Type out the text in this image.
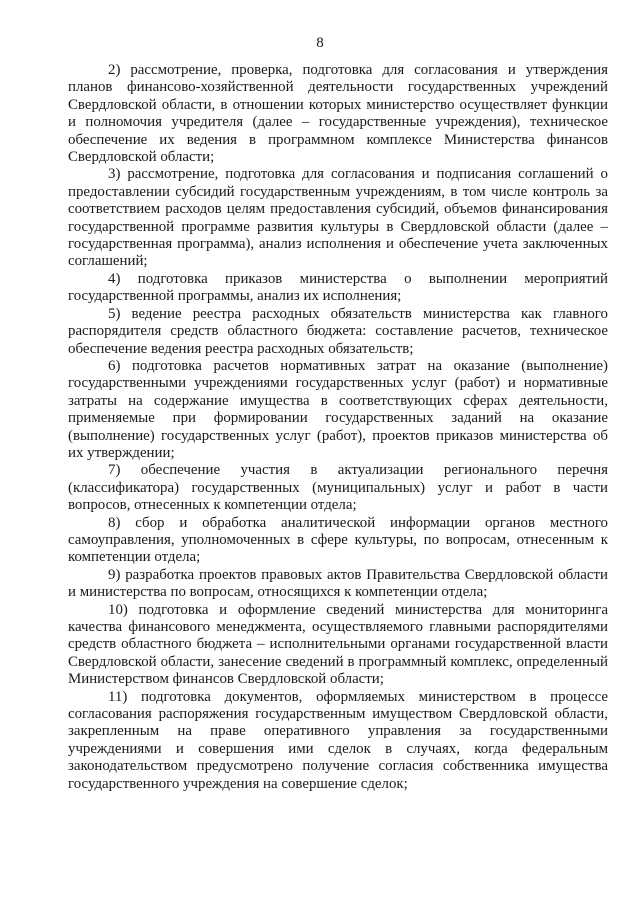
8

2) рассмотрение, проверка, подготовка для согласования и утверждения планов финансово-хозяйственной деятельности государственных учреждений Свердловской области, в отношении которых министерство осуществляет функции и полномочия учредителя (далее – государственные учреждения), техническое обеспечение их ведения в программном комплексе Министерства финансов Свердловской области;

3) рассмотрение, подготовка для согласования и подписания соглашений о предоставлении субсидий государственным учреждениям, в том числе контроль за соответствием расходов целям предоставления субсидий, объемов финансирования государственной программе развития культуры в Свердловской области (далее – государственная программа), анализ исполнения и обеспечение учета заключенных соглашений;

4) подготовка приказов министерства о выполнении мероприятий государственной программы, анализ их исполнения;

5) ведение реестра расходных обязательств министерства как главного распорядителя средств областного бюджета: составление расчетов, техническое обеспечение ведения реестра расходных обязательств;

6) подготовка расчетов нормативных затрат на оказание (выполнение) государственными учреждениями государственных услуг (работ) и нормативные затраты на содержание имущества в соответствующих сферах деятельности, применяемые при формировании государственных заданий на оказание (выполнение) государственных услуг (работ), проектов приказов министерства об их утверждении;

7) обеспечение участия в актуализации регионального перечня (классификатора) государственных (муниципальных) услуг и работ в части вопросов, отнесенных к компетенции отдела;

8) сбор и обработка аналитической информации органов местного самоуправления, уполномоченных в сфере культуры, по вопросам, отнесенным к компетенции отдела;

9) разработка проектов правовых актов Правительства Свердловской области и министерства по вопросам, относящихся к компетенции отдела;

10) подготовка и оформление сведений министерства для мониторинга качества финансового менеджмента, осуществляемого главными распорядителями средств областного бюджета – исполнительными органами государственной власти Свердловской области, занесение сведений в программный комплекс, определенный Министерством финансов Свердловской области;

11) подготовка документов, оформляемых министерством в процессе согласования распоряжения государственным имуществом Свердловской области, закрепленным на праве оперативного управления за государственными учреждениями и совершения ими сделок в случаях, когда федеральным законодательством предусмотрено получение согласия собственника имущества государственного учреждения на совершение сделок;
